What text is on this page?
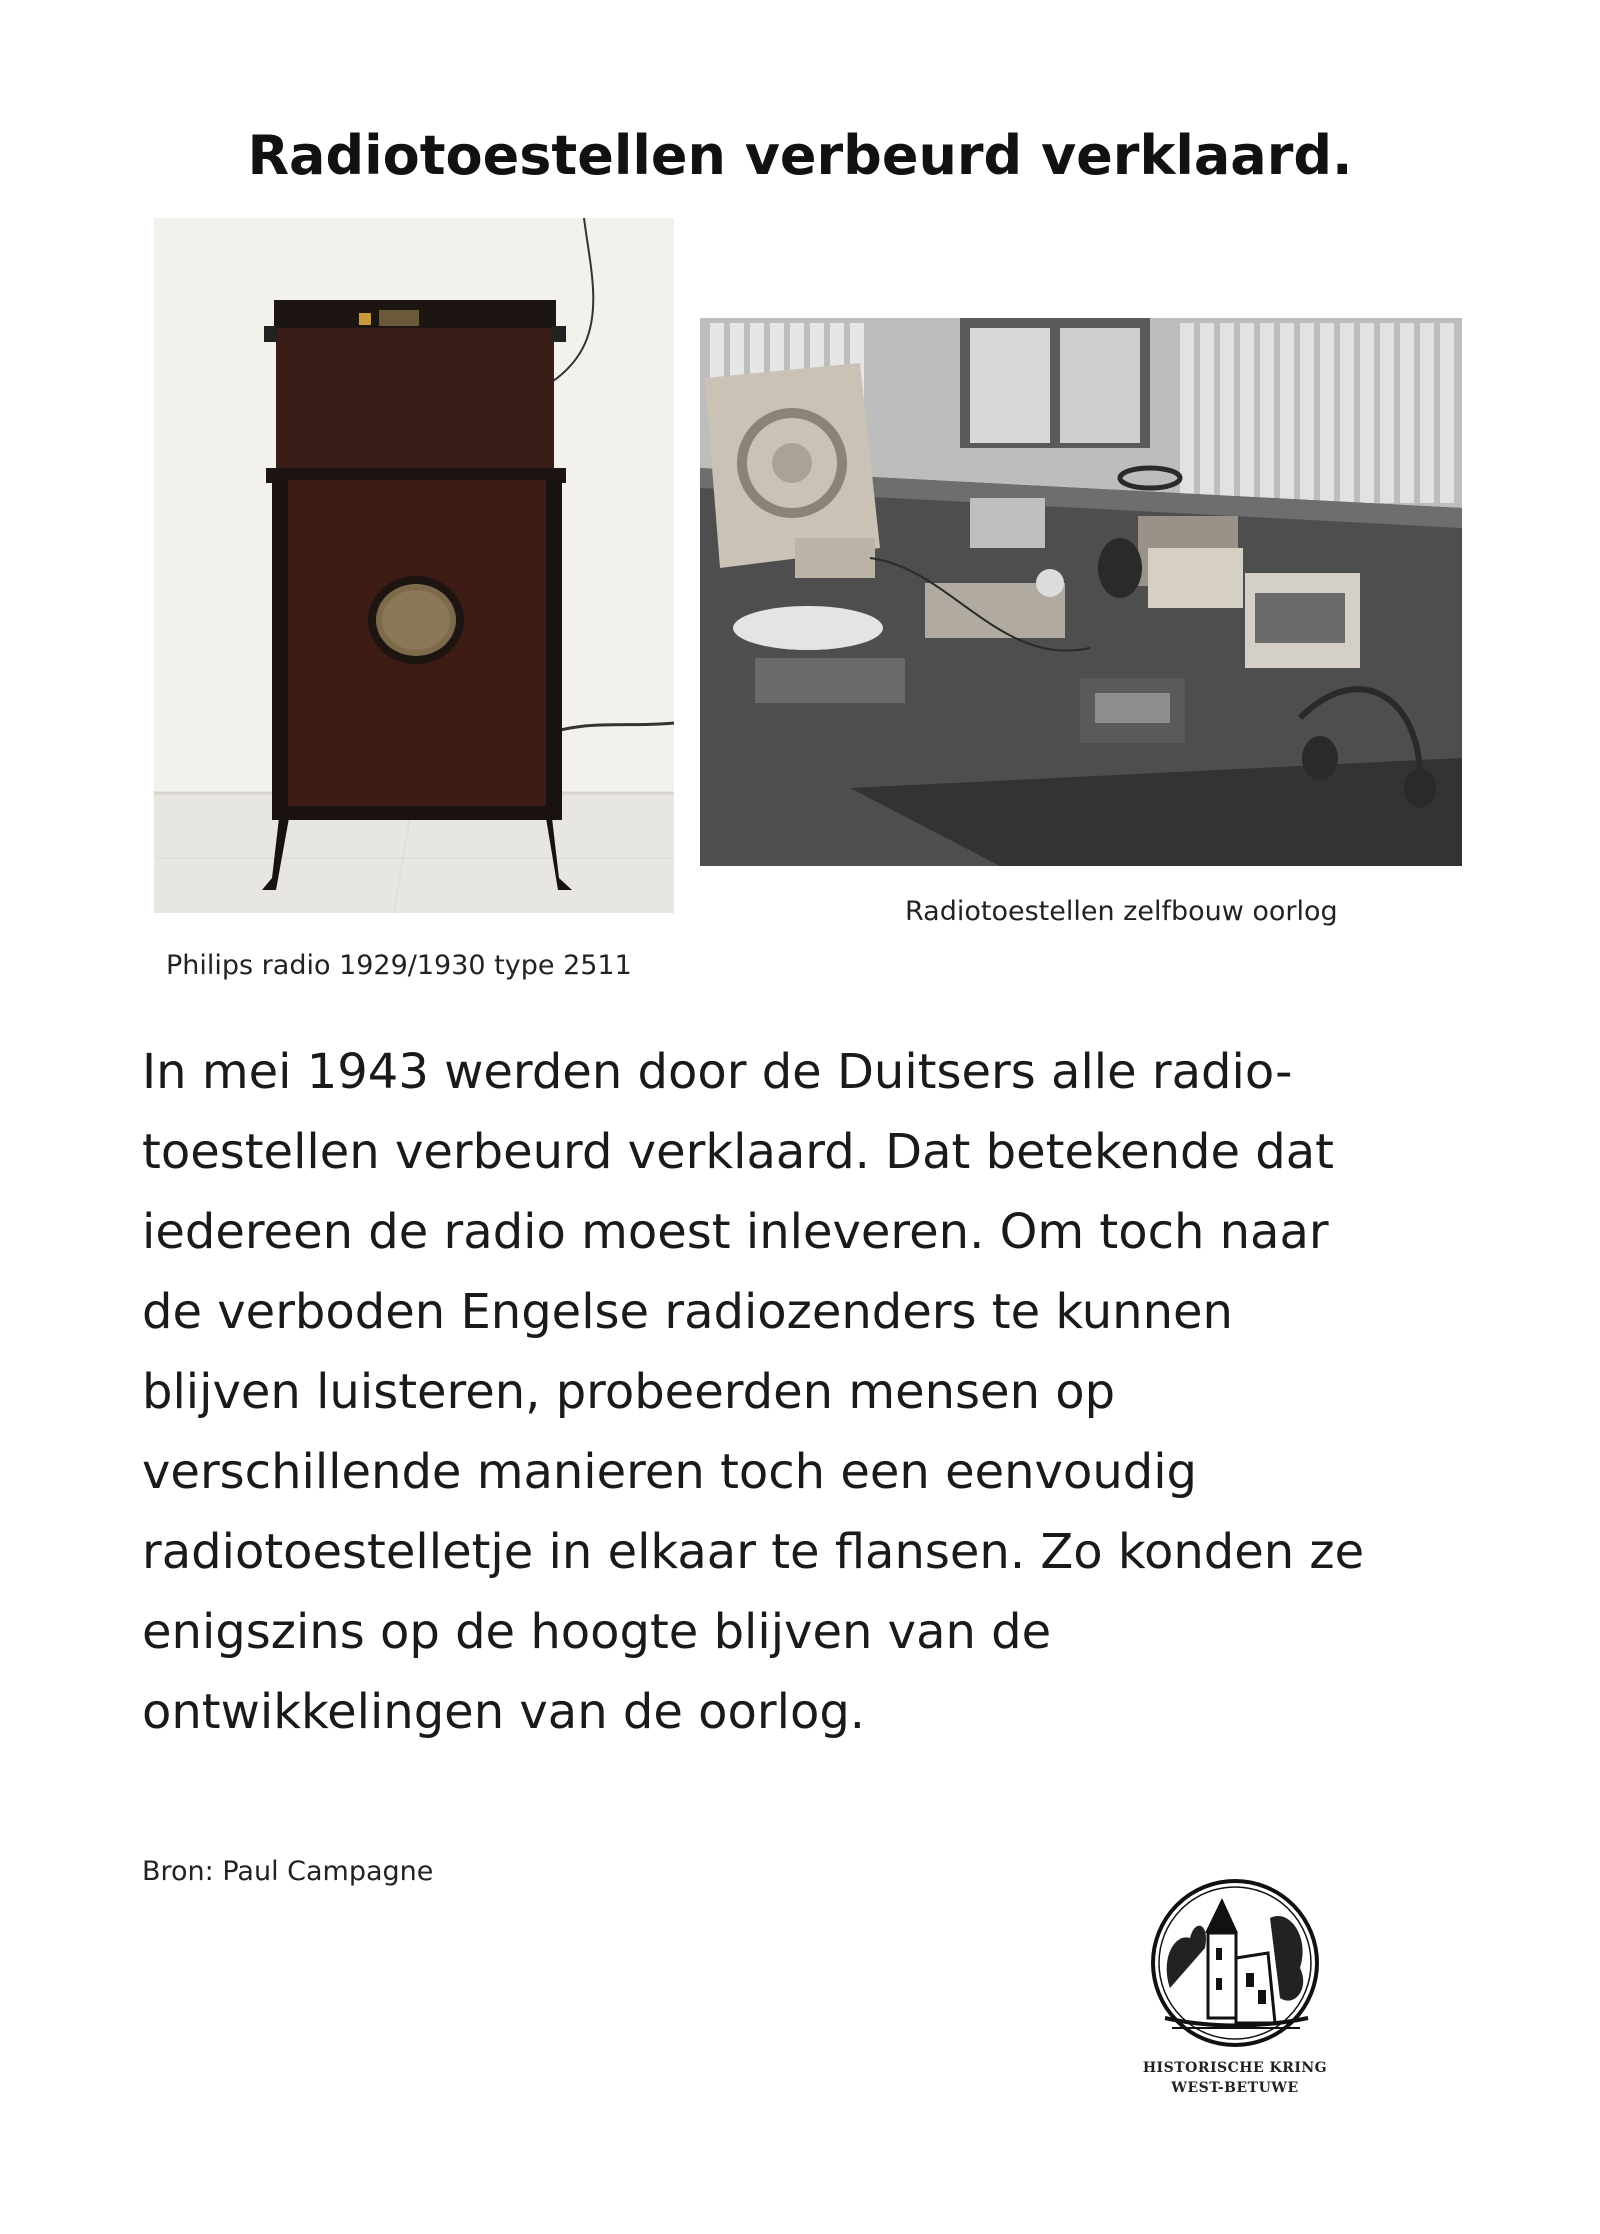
Radiotoestellen verbeurd verklaard.
Radiotoestellen zelfbouw oorlog
Philips radio 1929/1930 type 2511
In mei 1943 werden door de Duitsers alle radio-
toestellen verbeurd verklaard. Dat betekende dat
iedereen de radio moest inleveren. Om toch naar
de verboden Engelse radiozenders te kunnen
blijven luisteren, probeerden mensen op
verschillende manieren toch een eenvoudig
radiotoestelletje in elkaar te flansen. Zo konden ze
enigszins op de hoogte blijven van de
ontwikkelingen van de oorlog.
Bron: Paul Campagne
HISTORISCHE KRING
WEST-BETUWE
